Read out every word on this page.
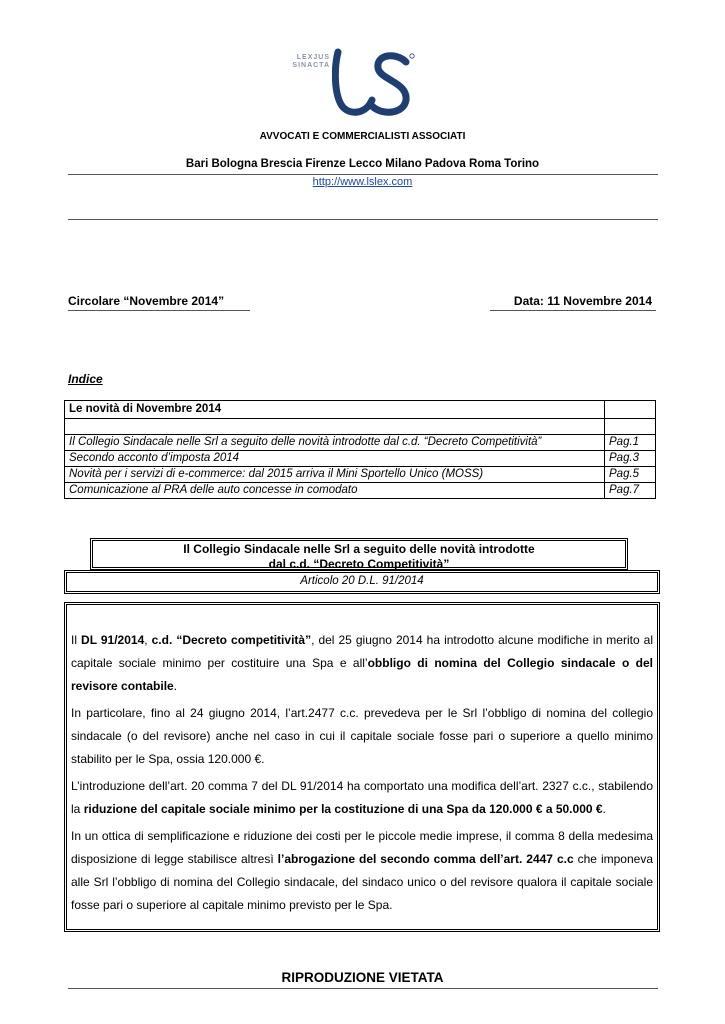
LEXJUS
SINACTA
AVVOCATI E COMMERCIALISTI ASSOCIATI
Bari Bologna Brescia Firenze Lecco Milano Padova Roma Torino
http://www.lslex.com
Circolare “Novembre 2014”	Data: 11 Novembre 2014
Indice
Le novità di Novembre 2014	

Il Collegio Sindacale nelle Srl a seguito delle novità introdotte dal c.d. “Decreto Competitività”	Pag.1
Secondo acconto d’imposta 2014	Pag.3
Novità per i servizi di e-commerce: dal 2015 arriva il Mini Sportello Unico (MOSS)	Pag.5
Comunicazione al PRA delle auto concesse in comodato	Pag.7
Il Collegio Sindacale nelle Srl a seguito delle novità introdotte
dal c.d. “Decreto Competitività”
Articolo 20 D.L. 91/2014

Il DL 91/2014, c.d. “Decreto competitività”, del 25 giugno 2014 ha introdotto alcune modifiche in merito al capitale sociale minimo per costituire una Spa e all’obbligo di nomina del Collegio sindacale o del revisore contabile.

In particolare, fino al 24 giugno 2014, l’art.2477 c.c. prevedeva per le Srl l’obbligo di nomina del collegio sindacale (o del revisore) anche nel caso in cui il capitale sociale fosse pari o superiore a quello minimo stabilito per le Spa, ossia 120.000 €.

L’introduzione dell’art. 20 comma 7 del DL 91/2014 ha comportato una modifica dell’art. 2327 c.c., stabilendo la riduzione del capitale sociale minimo per la costituzione di una Spa da 120.000 € a 50.000 €.

In un ottica di semplificazione e riduzione dei costi per le piccole medie imprese, il comma 8 della medesima disposizione di legge stabilisce altresì l’abrogazione del secondo comma dell’art. 2447 c.c che imponeva alle Srl l’obbligo di nomina del Collegio sindacale, del sindaco unico o del revisore qualora il capitale sociale fosse pari o superiore al capitale minimo previsto per le Spa.

RIPRODUZIONE VIETATA
